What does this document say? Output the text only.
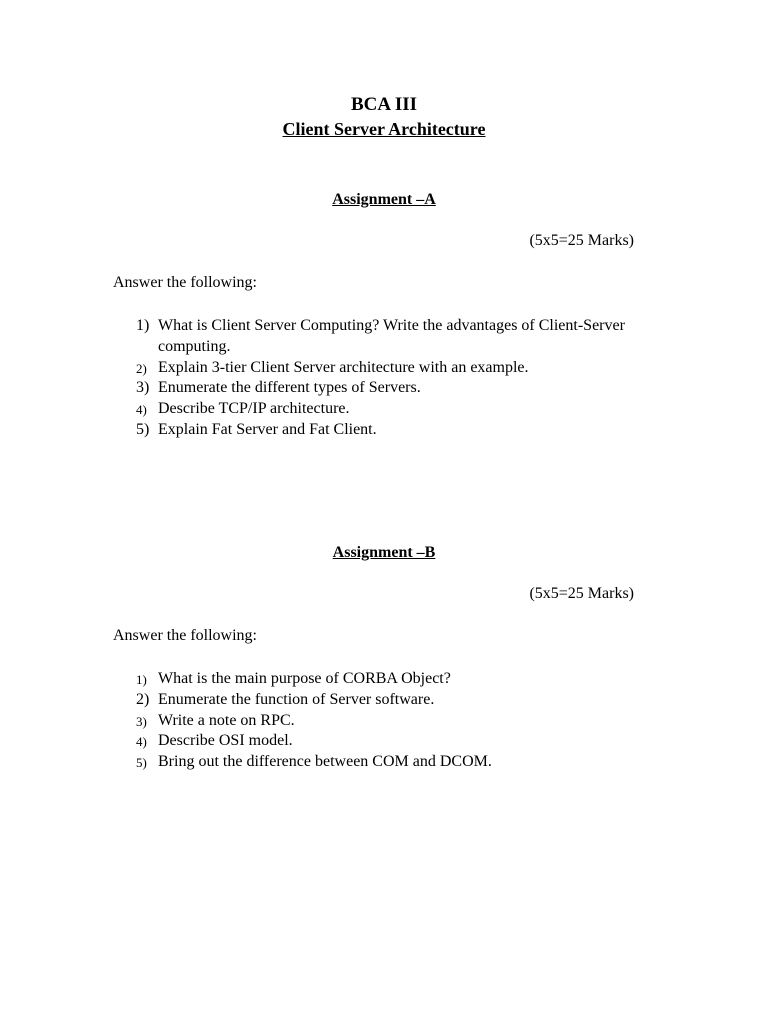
BCA III
Client Server Architecture
Assignment –A
(5x5=25 Marks)
Answer the following:
1) What is Client Server Computing? Write the advantages of Client-Server computing.
2) Explain 3-tier Client Server architecture with an example.
3) Enumerate the different types of Servers.
4) Describe TCP/IP architecture.
5) Explain Fat Server and Fat Client.
Assignment –B
(5x5=25 Marks)
Answer the following:
1) What is the main purpose of CORBA Object?
2) Enumerate the function of Server software.
3) Write a note on RPC.
4) Describe OSI model.
5) Bring out the difference between COM and DCOM.
